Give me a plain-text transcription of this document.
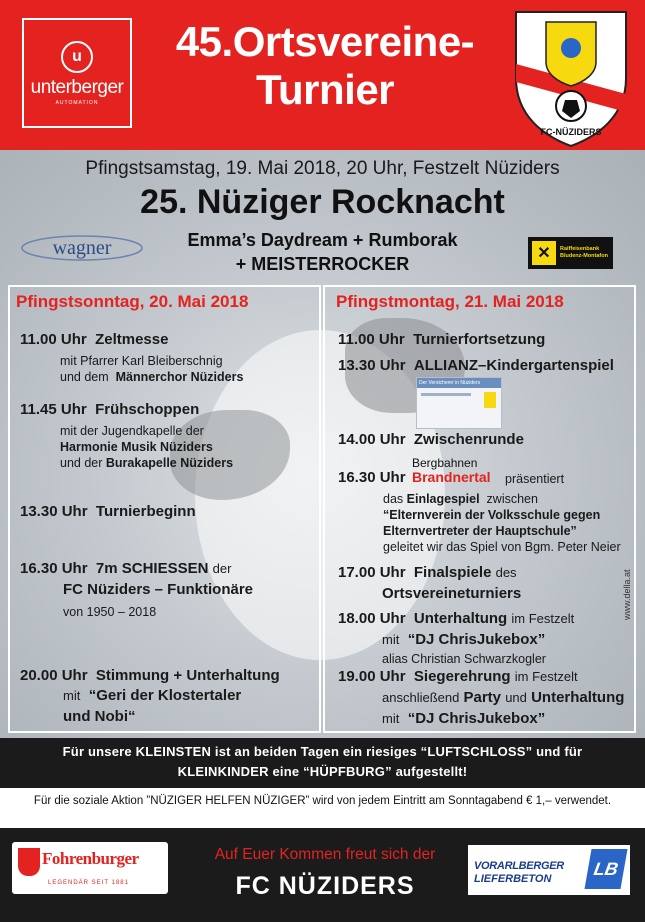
u
unterberger
AUTOMATION
45.Ortsvereine-
Turnier
FC-NÜZIDERS
Pfingstsamstag, 19. Mai 2018, 20 Uhr, Festzelt Nüziders
25. Nüziger Rocknacht
Emma’s Daydream + Rumborak
+ MEISTERROCKER
wagner	✕	Raiffeisenbank
Bludenz-Montafon
Pfingstsonntag, 20. Mai 2018
11.00 Uhr Zeltmesse
mit Pfarrer Karl Bleiberschnig
und dem Männerchor Nüziders
11.45 Uhr Frühschoppen
mit der Jugendkapelle der
Harmonie Musik Nüziders
und der Burakapelle Nüziders
13.30 Uhr Turnierbeginn
16.30 Uhr 7m SCHIESSEN der
FC Nüziders – Funktionäre
von 1950 – 2018
20.00 Uhr Stimmung + Unterhaltung
mit “Geri der Klostertaler
und Nobi“
Pfingstmontag, 21. Mai 2018
11.00 Uhr Turnierfortsetzung
13.30 Uhr ALLIANZ–Kindergartenspiel
Der Versicherer in Nüziders
14.00 Uhr Zwischenrunde
16.30 Uhr
Bergbahnen
Brandnertal präsentiert
das Einlagespiel zwischen
“Elternverein der Volksschule gegen
Elternvertreter der Hauptschule”
geleitet wir das Spiel von Bgm. Peter Neier
17.00 Uhr Finalspiele des
Ortsvereineturniers
18.00 Uhr Unterhaltung im Festzelt
mit “DJ ChrisJukebox”
alias Christian Schwarzkogler
19.00 Uhr Siegerehrung im Festzelt
anschließend Party und Unterhaltung
mit “DJ ChrisJukebox”
www.della.at
Für unsere KLEINSTEN ist an beiden Tagen ein riesiges “LUFTSCHLOSS” und für
KLEINKINDER eine “HÜPFBURG” aufgestellt!
Für die soziale Aktion ”NÜZIGER HELFEN NÜZIGER” wird von jedem Eintritt am Sonntagabend € 1,– verwendet.
Fohrenburger
LEGENDÄR SEIT 1881
Auf Euer Kommen freut sich der
FC NÜZIDERS
VORARLBERGER
LIEFERBETON
LB
